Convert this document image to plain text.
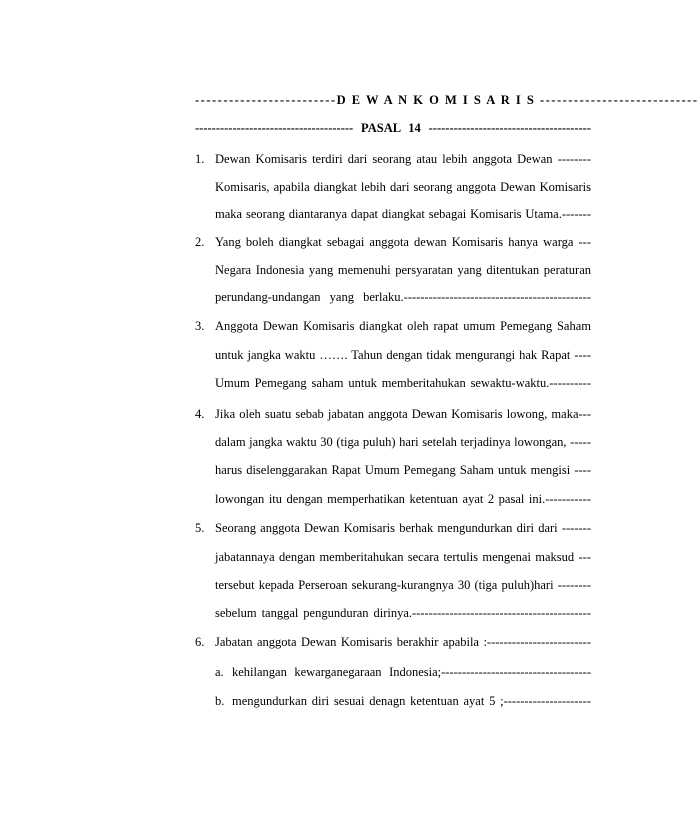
-------------------------D E W A N K O M I S A R I S ----------------------------
-------------------------------------- PASAL 14 ---------------------------------------
1. Dewan Komisaris terdiri dari seorang atau lebih anggota Dewan --------
Komisaris, apabila diangkat lebih dari seorang anggota Dewan Komisaris
maka seorang diantaranya dapat diangkat sebagai Komisaris Utama.-------
2. Yang boleh diangkat sebagai anggota dewan Komisaris hanya warga ---
Negara Indonesia yang memenuhi persyaratan yang ditentukan peraturan
perundang-undangan yang berlaku.---------------------------------------------
3. Anggota Dewan Komisaris diangkat oleh rapat umum Pemegang Saham
untuk jangka waktu ……. Tahun dengan tidak mengurangi hak Rapat ----
Umum Pemegang saham untuk memberitahukan sewaktu-waktu.----------
4. Jika oleh suatu sebab jabatan anggota Dewan Komisaris lowong, maka---
dalam jangka waktu 30 (tiga puluh) hari setelah terjadinya lowongan, -----
harus diselenggarakan Rapat Umum Pemegang Saham untuk mengisi ----
lowongan itu dengan memperhatikan ketentuan ayat 2 pasal ini.-----------
5. Seorang anggota Dewan Komisaris berhak mengundurkan diri dari -------
jabatannaya dengan memberitahukan secara tertulis mengenai maksud ---
tersebut kepada Perseroan sekurang-kurangnya 30 (tiga puluh)hari --------
sebelum tanggal pengunduran dirinya.-------------------------------------------
6. Jabatan anggota Dewan Komisaris berakhir apabila :-------------------------
a. kehilangan kewarganegaraan Indonesia;------------------------------------
b. mengundurkan diri sesuai denagn ketentuan ayat 5 ;---------------------
